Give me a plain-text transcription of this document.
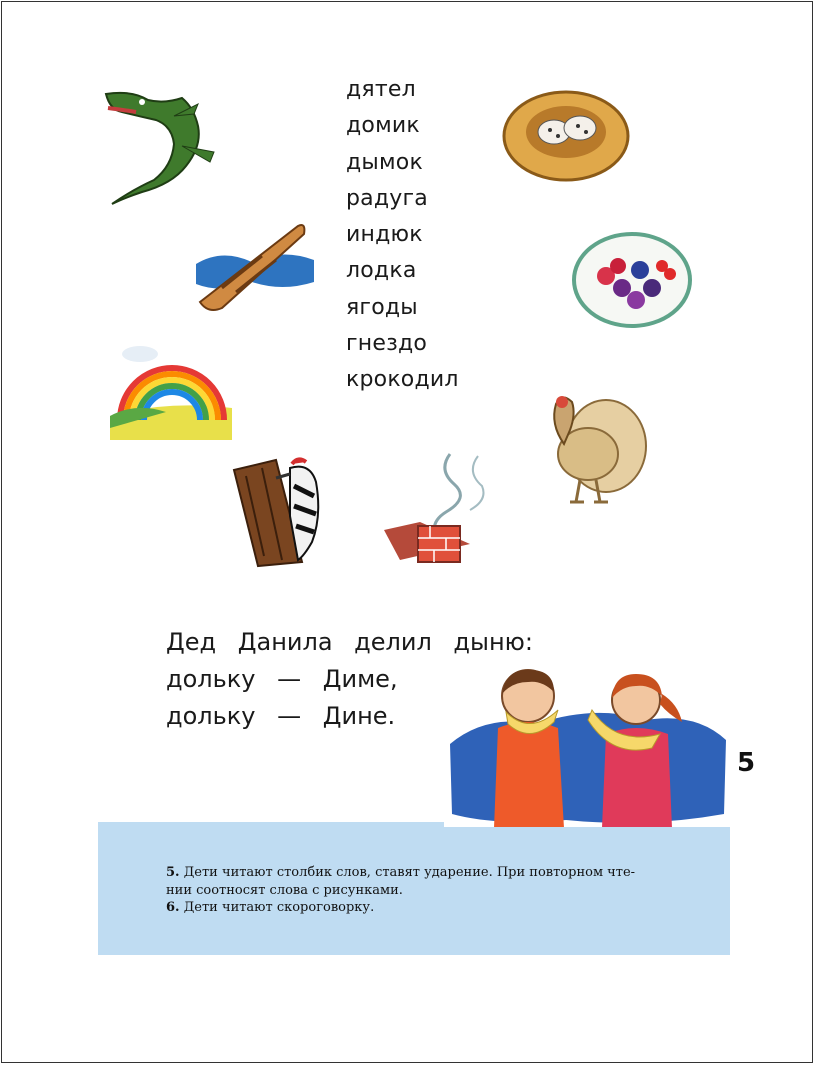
дятел
домик
дымок
радуга
индюк
лодка
ягоды
гнездо
крокодил
Дед Данила делил дыню:
дольку — Диме,
дольку — Дине.
5
5. Дети читают столбик слов, ставят ударение. При повторном чте-
нии соотносят слова с рисунками.
6. Дети читают скороговорку.
